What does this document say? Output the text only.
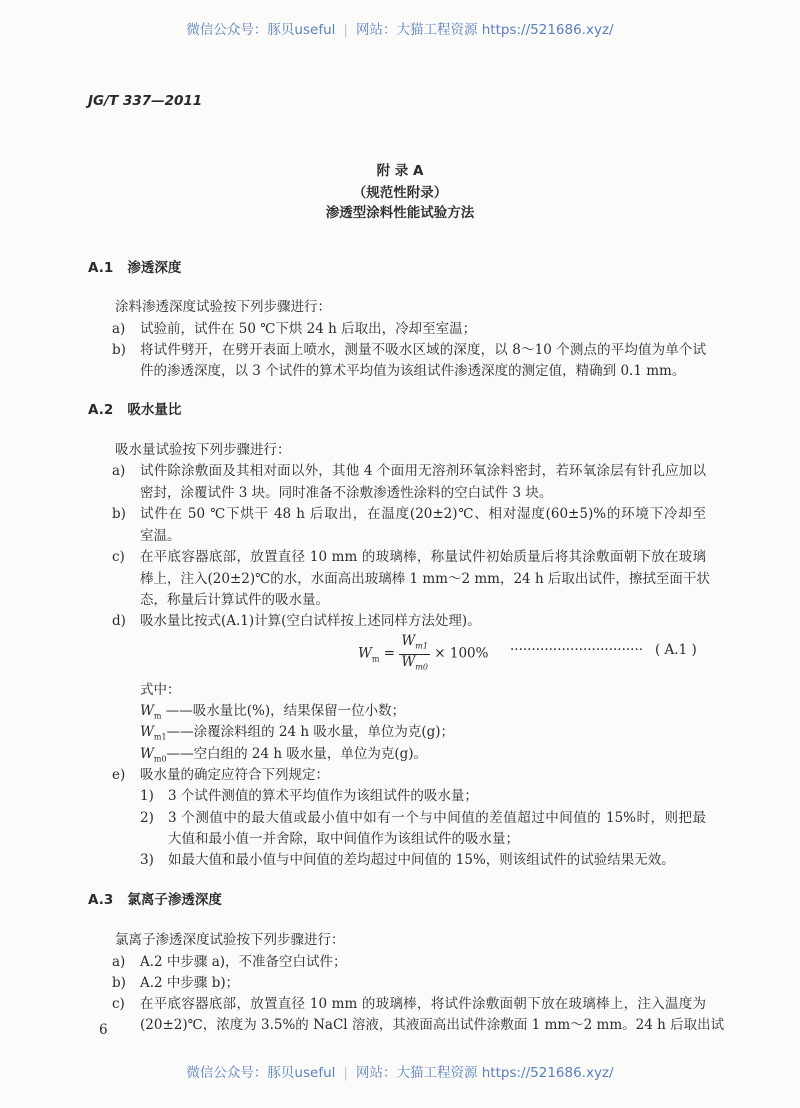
微信公众号：豚贝useful | 网站：大猫工程资源 https://521686.xyz/
JG/T 337—2011
附 录 A
（规范性附录）
渗透型涂料性能试验方法
A.1 渗透深度
涂料渗透深度试验按下列步骤进行：
a) 试验前，试件在 50 ℃下烘 24 h 后取出，冷却至室温；
b) 将试件劈开，在劈开表面上喷水，测量不吸水区域的深度，以 8～10 个测点的平均值为单个试
件的渗透深度，以 3 个试件的算术平均值为该组试件渗透深度的测定值，精确到 0.1 mm。
A.2 吸水量比
吸水量试验按下列步骤进行：
a) 试件除涂敷面及其相对面以外，其他 4 个面用无溶剂环氧涂料密封，若环氧涂层有针孔应加以
密封，涂覆试件 3 块。同时准备不涂敷渗透性涂料的空白试件 3 块。
b) 试件在 50 ℃下烘干 48 h 后取出，在温度(20±2)℃、相对湿度(60±5)%的环境下冷却至
室温。
c) 在平底容器底部，放置直径 10 mm 的玻璃棒，称量试件初始质量后将其涂敷面朝下放在玻璃
棒上，注入(20±2)℃的水，水面高出玻璃棒 1 mm～2 mm，24 h 后取出试件，擦拭至面干状
态，称量后计算试件的吸水量。
d) 吸水量比按式(A.1)计算(空白试样按上述同样方法处理)。
$W_m = \frac{W_{m1}}{W_{m0}} \times 100\%$ ······························· ( A.1 )
式中：
$W_m$ ——吸水量比(%)，结果保留一位小数；
$W_{m1}——$涂覆涂料组的 24 h 吸水量，单位为克(g)；
$W_{m0}——$空白组的 24 h 吸水量，单位为克(g)。
e) 吸水量的确定应符合下列规定：
1) 3 个试件测值的算术平均值作为该组试件的吸水量；
2) 3 个测值中的最大值或最小值中如有一个与中间值的差值超过中间值的 15%时，则把最
大值和最小值一并舍除，取中间值作为该组试件的吸水量；
3) 如最大值和最小值与中间值的差均超过中间值的 15%，则该组试件的试验结果无效。
A.3 氯离子渗透深度
氯离子渗透深度试验按下列步骤进行：
a) A.2 中步骤 a)，不准备空白试件；
b) A.2 中步骤 b)；
c) 在平底容器底部，放置直径 10 mm 的玻璃棒，将试件涂敷面朝下放在玻璃棒上，注入温度为
(20±2)℃，浓度为 3.5%的 NaCl 溶液，其液面高出试件涂敷面 1 mm～2 mm。24 h 后取出试
6
微信公众号：豚贝useful | 网站：大猫工程资源 https://521686.xyz/
